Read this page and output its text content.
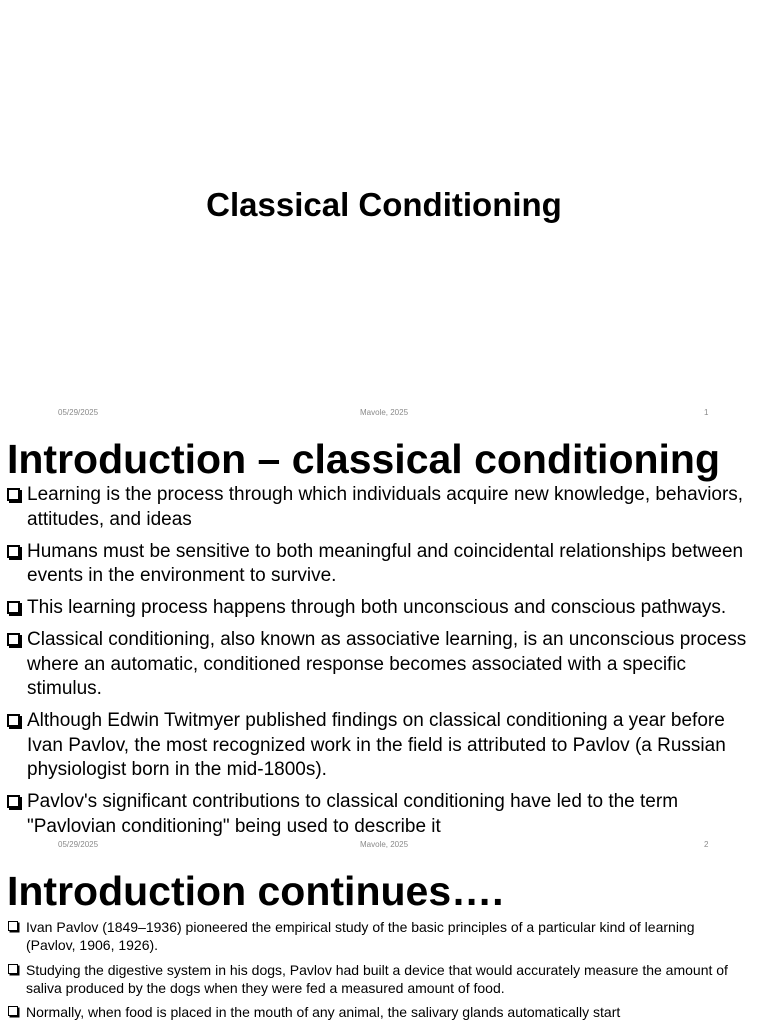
Classical Conditioning
05/29/2025	Mavole, 2025	1
Introduction – classical conditioning
Learning is the process through which individuals acquire new knowledge, behaviors, attitudes, and ideas
Humans must be sensitive to both meaningful and coincidental relationships between events in the environment to survive.
This learning process happens through both unconscious and conscious pathways.
Classical conditioning, also known as associative learning, is an unconscious process where an automatic, conditioned response becomes associated with a specific stimulus.
Although Edwin Twitmyer published findings on classical conditioning a year before Ivan Pavlov, the most recognized work in the field is attributed to Pavlov (a Russian physiologist born in the mid-1800s).
Pavlov's significant contributions to classical conditioning have led to the term "Pavlovian conditioning" being used to describe it
05/29/2025	Mavole, 2025	2
Introduction continues….
Ivan Pavlov (1849–1936) pioneered the empirical study of the basic principles of a particular kind of learning (Pavlov, 1906, 1926).
Studying the digestive system in his dogs, Pavlov had built a device that would accurately measure the amount of saliva produced by the dogs when they were fed a measured amount of food.
Normally, when food is placed in the mouth of any animal, the salivary glands automatically start
